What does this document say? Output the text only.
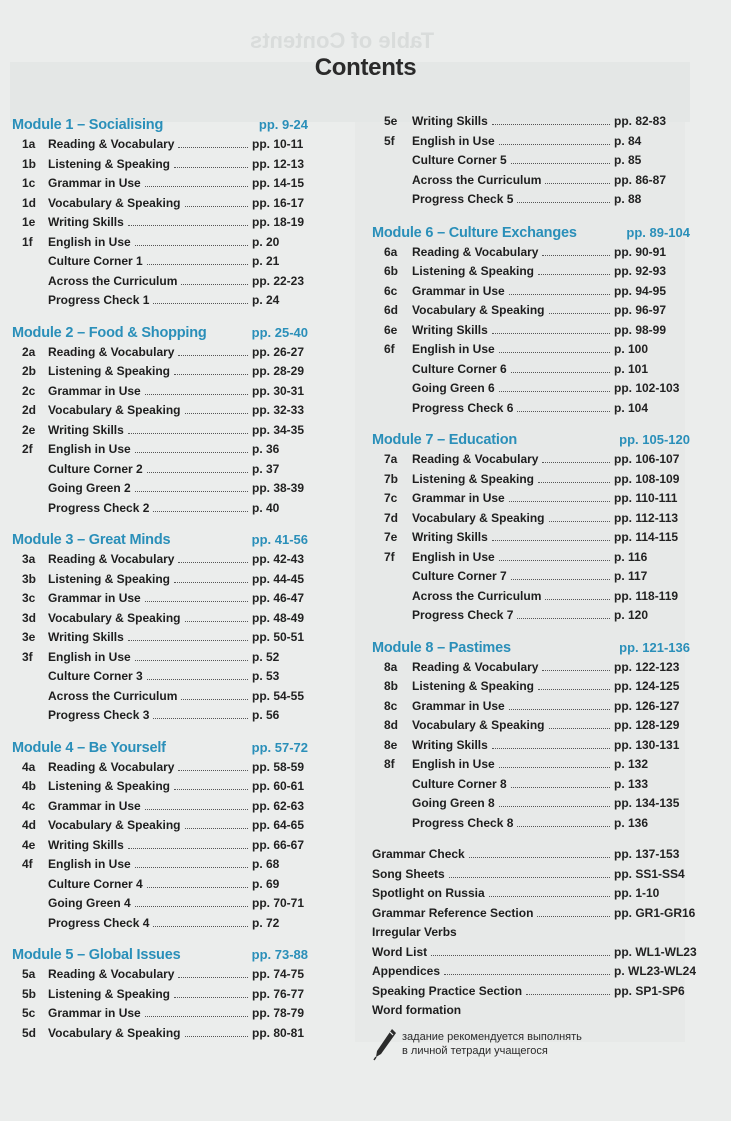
Table of Contents
Contents
Module 1 – Socialising	pp. 9-24
1a	Reading & Vocabulary	pp. 10-11
1b Listening & Speaking	pp. 12-13
1c	Grammar in Use	pp. 14-15
1d Vocabulary & Speaking	pp. 16-17
1e	Writing Skills	pp. 18-19
1f	English in Use	p. 20
Culture Corner 1	p. 21
Across the Curriculum	pp. 22-23
Progress Check 1	p. 24
Module 2 – Food & Shopping	pp. 25-40
2a	Reading & Vocabulary	pp. 26-27
2b Listening & Speaking	pp. 28-29
2c	Grammar in Use	pp. 30-31
2d Vocabulary & Speaking	pp. 32-33
2e	Writing Skills	pp. 34-35
2f	English in Use	p. 36
Culture Corner 2	p. 37
Going Green 2	pp. 38-39
Progress Check 2	p. 40
Module 3 – Great Minds	pp. 41-56
3a	Reading & Vocabulary	pp. 42-43
3b Listening & Speaking	pp. 44-45
3c	Grammar in Use	pp. 46-47
3d Vocabulary & Speaking	pp. 48-49
3e	Writing Skills	pp. 50-51
3f	English in Use	p. 52
Culture Corner 3	p. 53
Across the Curriculum	pp. 54-55
Progress Check 3	p. 56
Module 4 – Be Yourself	pp. 57-72
4a	Reading & Vocabulary	pp. 58-59
4b Listening & Speaking	pp. 60-61
4c	Grammar in Use	pp. 62-63
4d Vocabulary & Speaking	pp. 64-65
4e	Writing Skills	pp. 66-67
4f	English in Use	p. 68
Culture Corner 4	p. 69
Going Green 4	pp. 70-71
Progress Check 4	p. 72
Module 5 – Global Issues	pp. 73-88
5a	Reading & Vocabulary	pp. 74-75
5b Listening & Speaking	pp. 76-77
5c	Grammar in Use	pp. 78-79
5d Vocabulary & Speaking	pp. 80-81
5e	Writing Skills	pp. 82-83
5f	English in Use	p. 84
Culture Corner 5	p. 85
Across the Curriculum	pp. 86-87
Progress Check 5	p. 88
Module 6 – Culture Exchanges	pp. 89-104
6a	Reading & Vocabulary	pp. 90-91
6b	Listening & Speaking	pp. 92-93
6c	Grammar in Use	pp. 94-95
6d	Vocabulary & Speaking	pp. 96-97
6e	Writing Skills	pp. 98-99
6f	English in Use	p. 100
Culture Corner 6	p. 101
Going Green 6	pp. 102-103
Progress Check 6	p. 104
Module 7 – Education	pp. 105-120
7a	Reading & Vocabulary	pp. 106-107
7b	Listening & Speaking	pp. 108-109
7c	Grammar in Use	pp. 110-111
7d	Vocabulary & Speaking	pp. 112-113
7e	Writing Skills	pp. 114-115
7f	English in Use	p. 116
Culture Corner 7	p. 117
Across the Curriculum	pp. 118-119
Progress Check 7	p. 120
Module 8 – Pastimes	pp. 121-136
8a	Reading & Vocabulary	pp. 122-123
8b	Listening & Speaking	pp. 124-125
8c	Grammar in Use	pp. 126-127
8d	Vocabulary & Speaking	pp. 128-129
8e	Writing Skills	pp. 130-131
8f	English in Use	p. 132
Culture Corner 8	p. 133
Going Green 8	pp. 134-135
Progress Check 8	p. 136
Grammar Check	pp. 137-153
Song Sheets	pp. SS1-SS4
Spotlight on Russia	pp. 1-10
Grammar Reference Section	pp. GR1-GR16
Irregular Verbs
Word List	pp. WL1-WL23
Appendices	p. WL23-WL24
Speaking Practice Section	pp. SP1-SP6
Word formation
задание рекомендуется выполнять
в личной тетради учащегося
